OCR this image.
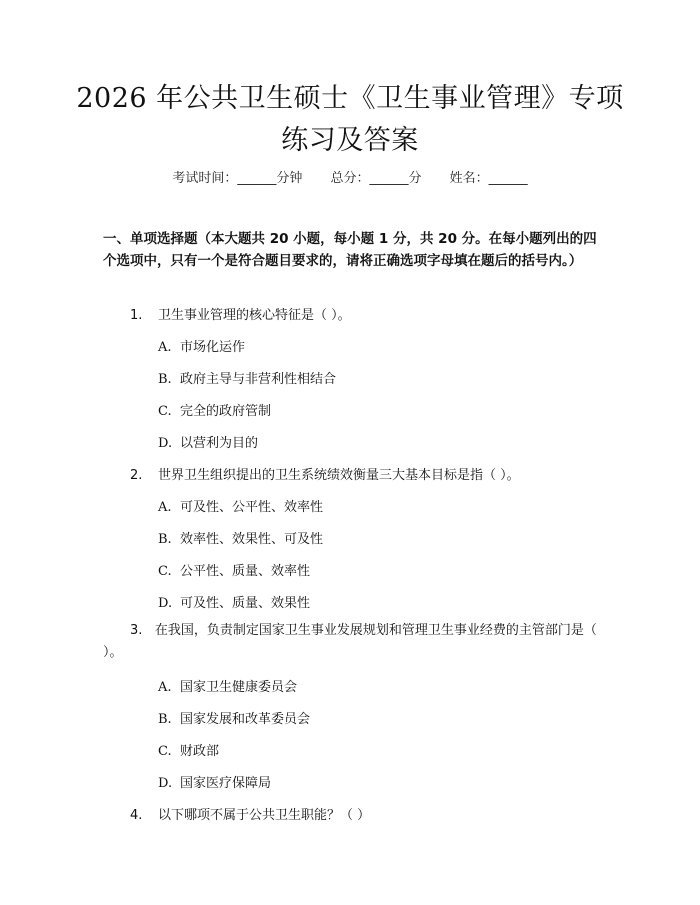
2026 年公共卫生硕士《卫生事业管理》专项
练习及答案
考试时间：______分钟 总分：______分 姓名：______
一、单项选择题（本大题共 20 小题，每小题 1 分，共 20 分。在每小题列出的四个选项中，只有一个是符合题目要求的，请将正确选项字母填在题后的括号内。）
1. 卫生事业管理的核心特征是（ ）。
A. 市场化运作
B. 政府主导与非营利性相结合
C. 完全的政府管制
D. 以营利为目的
2. 世界卫生组织提出的卫生系统绩效衡量三大基本目标是指（ ）。
A. 可及性、公平性、效率性
B. 效率性、效果性、可及性
C. 公平性、质量、效率性
D. 可及性、质量、效果性
3. 在我国，负责制定国家卫生事业发展规划和管理卫生事业经费的主管部门是（ ）。
A. 国家卫生健康委员会
B. 国家发展和改革委员会
C. 财政部
D. 国家医疗保障局
4. 以下哪项不属于公共卫生职能？（ ）
